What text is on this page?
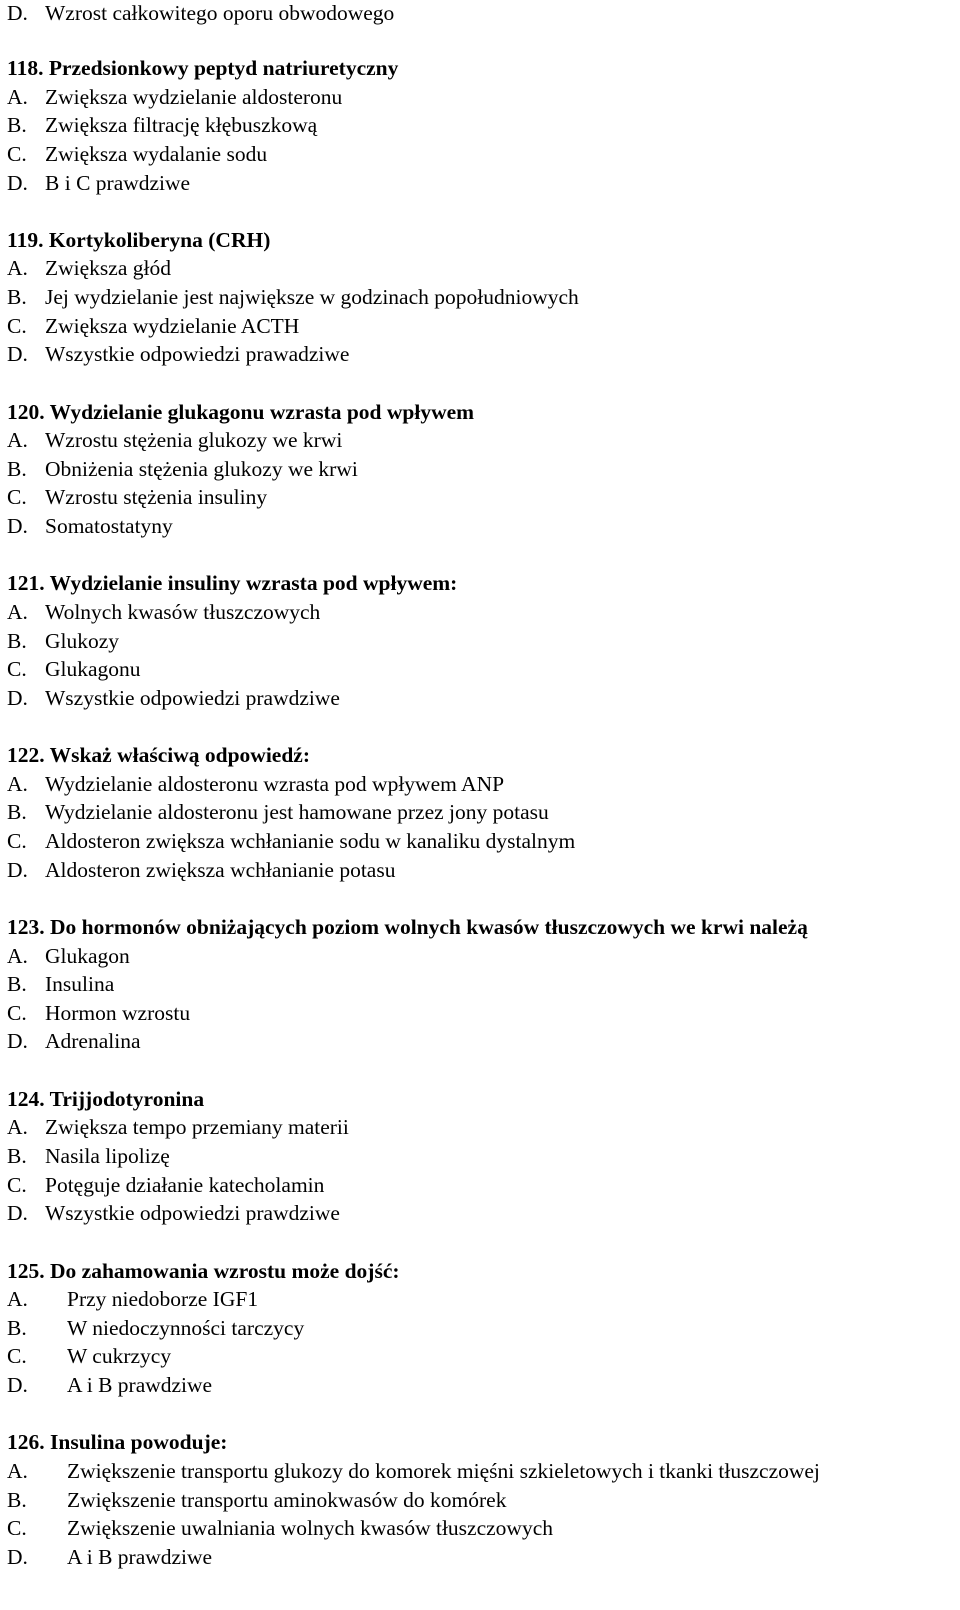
D. Wzrost całkowitego oporu obwodowego
118. Przedsionkowy peptyd natriuretyczny
A. Zwiększa wydzielanie aldosteronu
B. Zwiększa filtrację kłębuszkową
C. Zwiększa wydalanie sodu
D. B i C prawdziwe
119. Kortykoliberyna (CRH)
A. Zwiększa głód
B. Jej wydzielanie jest największe w godzinach popołudniowych
C. Zwiększa wydzielanie ACTH
D. Wszystkie odpowiedzi prawadziwe
120. Wydzielanie glukagonu wzrasta pod wpływem
A. Wzrostu stężenia glukozy we krwi
B. Obniżenia stężenia glukozy we krwi
C. Wzrostu stężenia insuliny
D. Somatostatyny
121. Wydzielanie insuliny wzrasta pod wpływem:
A. Wolnych kwasów tłuszczowych
B. Glukozy
C. Glukagonu
D. Wszystkie odpowiedzi prawdziwe
122. Wskaż właściwą odpowiedź:
A. Wydzielanie aldosteronu wzrasta pod wpływem ANP
B. Wydzielanie aldosteronu jest hamowane przez jony potasu
C. Aldosteron zwiększa wchłanianie sodu w kanaliku dystalnym
D. Aldosteron zwiększa wchłanianie potasu
123. Do hormonów obniżających poziom wolnych kwasów tłuszczowych we krwi należą
A. Glukagon
B. Insulina
C. Hormon wzrostu
D. Adrenalina
124. Trijjodotyronina
A. Zwiększa tempo przemiany materii
B. Nasila lipolizę
C. Potęguje działanie katecholamin
D. Wszystkie odpowiedzi prawdziwe
125. Do zahamowania wzrostu może dojść:
A. Przy niedoborze IGF1
B. W niedoczynności tarczycy
C. W cukrzycy
D. A i B prawdziwe
126. Insulina powoduje:
A. Zwiększenie transportu glukozy do komorek mięśni szkieletowych i tkanki tłuszczowej
B. Zwiększenie transportu aminokwasów do komórek
C. Zwiększenie uwalniania wolnych kwasów tłuszczowych
D. A i B prawdziwe
